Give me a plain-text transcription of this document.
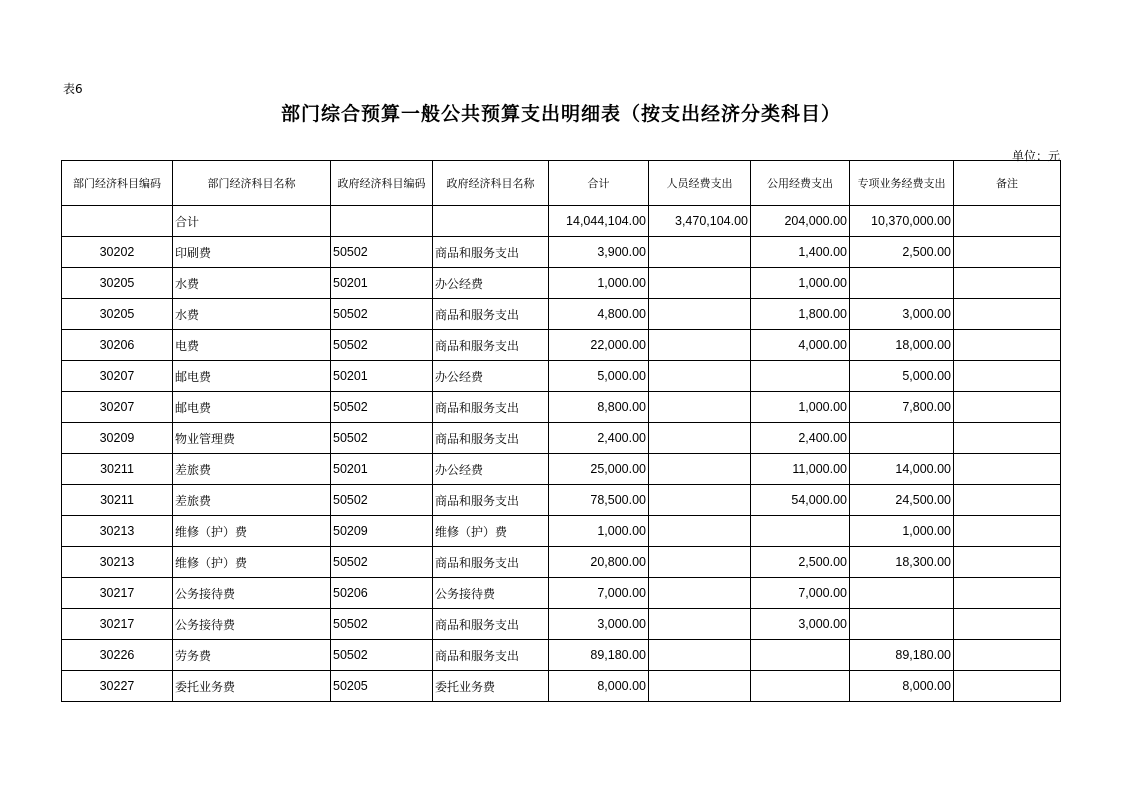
表6
部门综合预算一般公共预算支出明细表（按支出经济分类科目）
单位：元
部门经济科目编码	部门经济科目名称	政府经济科目编码	政府经济科目名称	合计	人员经费支出	公用经费支出	专项业务经费支出	备注
	合计			14,044,104.00	3,470,104.00	204,000.00	10,370,000.00	
30202	印刷费	50502	商品和服务支出	3,900.00		1,400.00	2,500.00	
30205	水费	50201	办公经费	1,000.00		1,000.00		
30205	水费	50502	商品和服务支出	4,800.00		1,800.00	3,000.00	
30206	电费	50502	商品和服务支出	22,000.00		4,000.00	18,000.00	
30207	邮电费	50201	办公经费	5,000.00			5,000.00	
30207	邮电费	50502	商品和服务支出	8,800.00		1,000.00	7,800.00	
30209	物业管理费	50502	商品和服务支出	2,400.00		2,400.00		
30211	差旅费	50201	办公经费	25,000.00		11,000.00	14,000.00	
30211	差旅费	50502	商品和服务支出	78,500.00		54,000.00	24,500.00	
30213	维修（护）费	50209	维修（护）费	1,000.00			1,000.00	
30213	维修（护）费	50502	商品和服务支出	20,800.00		2,500.00	18,300.00	
30217	公务接待费	50206	公务接待费	7,000.00		7,000.00		
30217	公务接待费	50502	商品和服务支出	3,000.00		3,000.00		
30226	劳务费	50502	商品和服务支出	89,180.00			89,180.00	
30227	委托业务费	50205	委托业务费	8,000.00			8,000.00	
